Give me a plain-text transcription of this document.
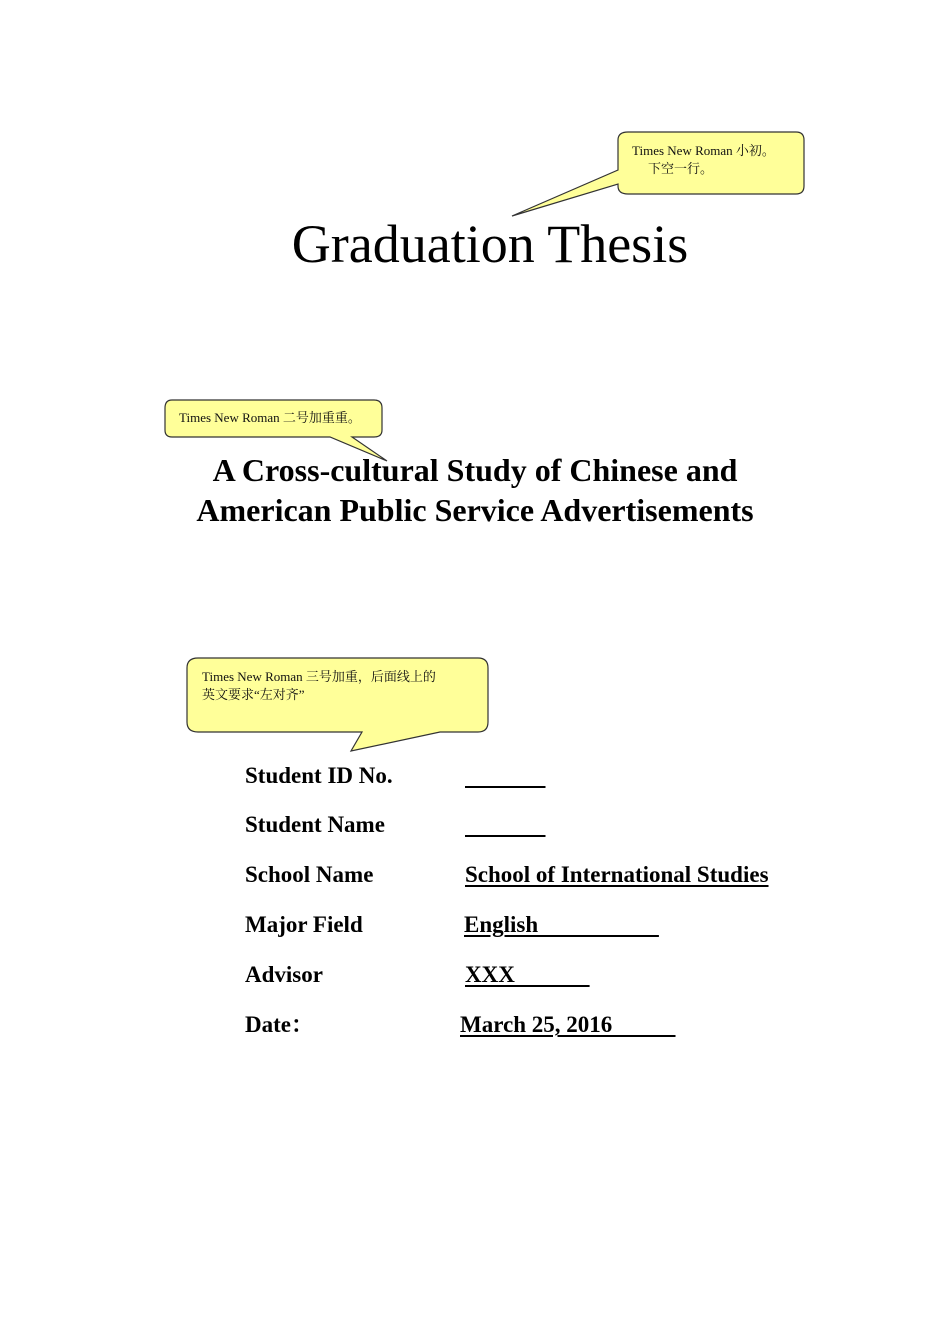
Times New Roman 小初。
下空一行。
Times New Roman 二号加重重。
Times New Roman 三号加重，后面线上的
英文要求“左对齐”
Graduation Thesis
A Cross-cultural Study of Chinese and
American Public Service Advertisements
Student ID No.

Student Name

School Name	School of International Studies
Major Field	English
Advisor	XXX
Date：	March 25, 2016
